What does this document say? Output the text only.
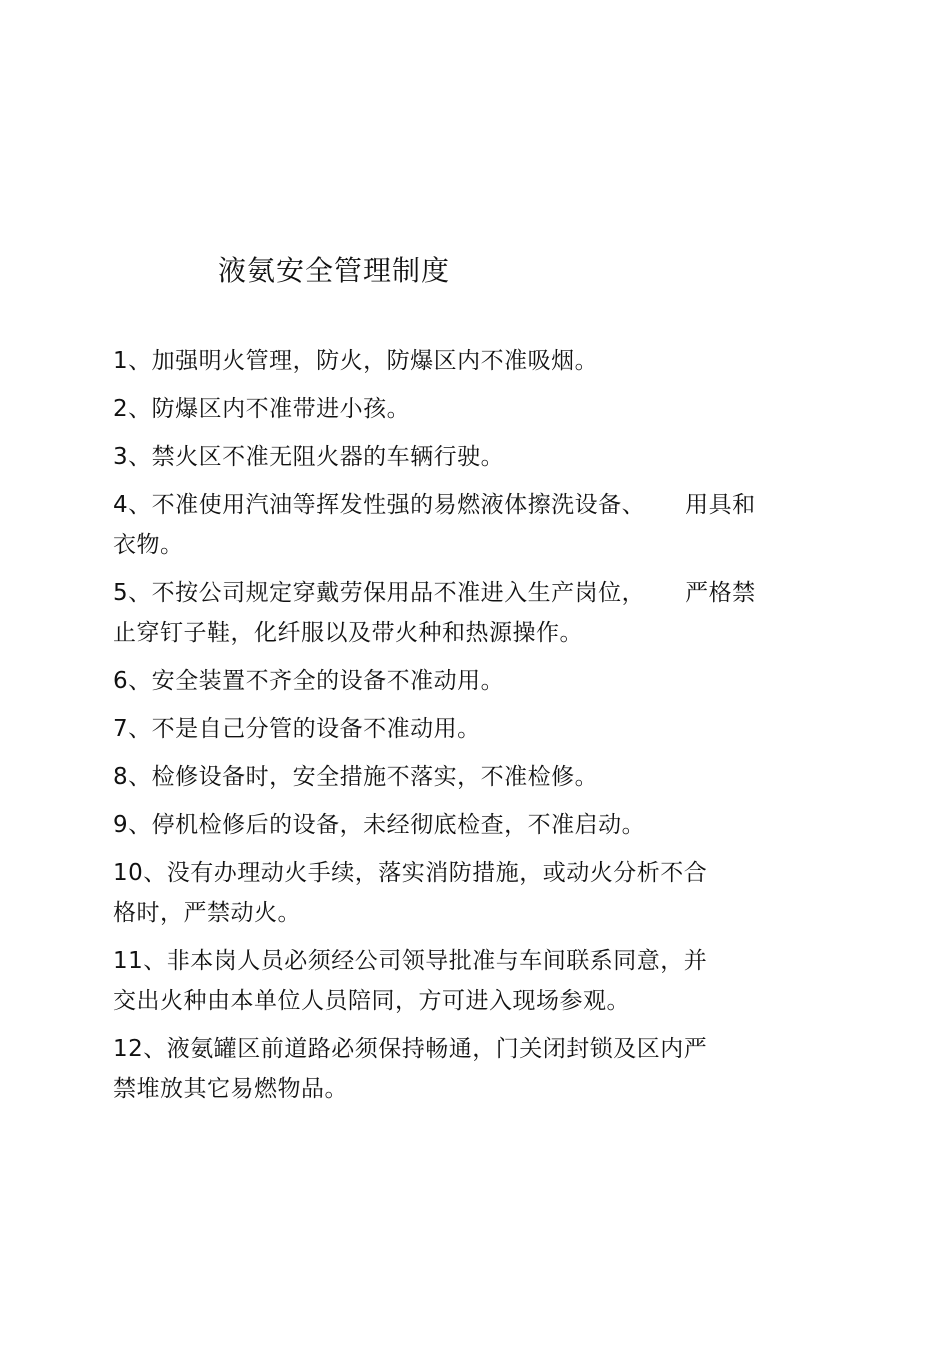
液氨安全管理制度
1、加强明火管理，防火，防爆区内不准吸烟。
2、防爆区内不准带进小孩。
3、禁火区不准无阻火器的车辆行驶。
4、不准使用汽油等挥发性强的易燃液体擦洗设备、 用具和
衣物。
5、不按公司规定穿戴劳保用品不准进入生产岗位， 严格禁
止穿钉子鞋，化纤服以及带火种和热源操作。
6、安全装置不齐全的设备不准动用。
7、不是自己分管的设备不准动用。
8、检修设备时，安全措施不落实，不准检修。
9、停机检修后的设备，未经彻底检查，不准启动。
10、没有办理动火手续，落实消防措施，或动火分析不合
格时，严禁动火。
11、非本岗人员必须经公司领导批准与车间联系同意，并
交出火种由本单位人员陪同，方可进入现场参观。
12、液氨罐区前道路必须保持畅通，门关闭封锁及区内严
禁堆放其它易燃物品。
